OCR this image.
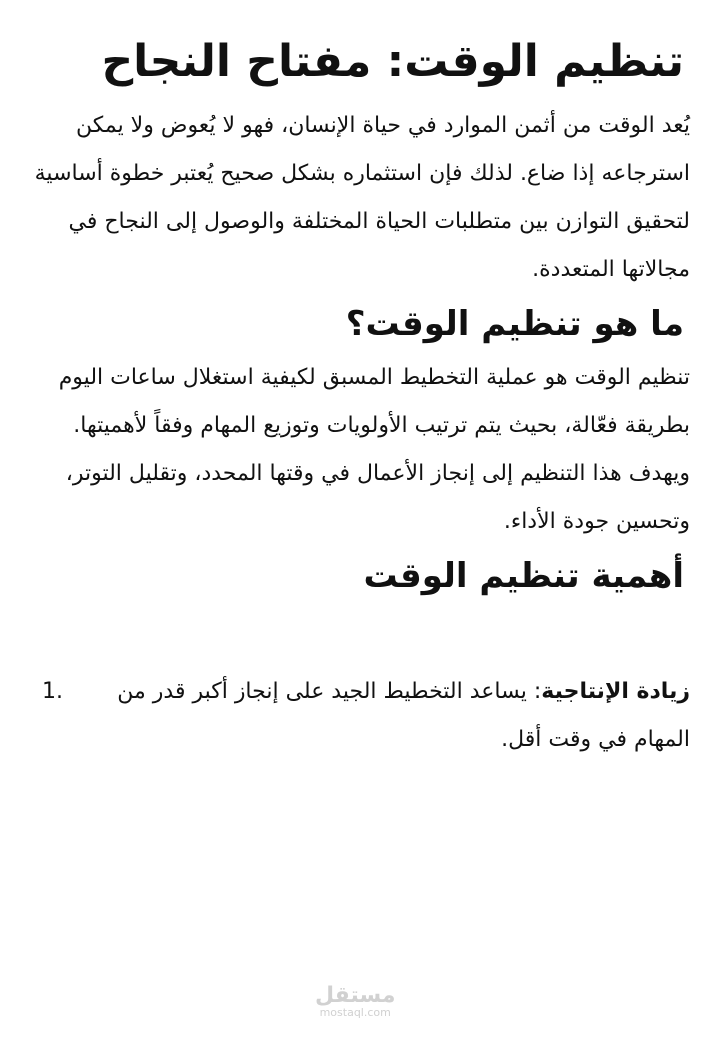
تنظيم الوقت: مفتاح النجاح

يُعد الوقت من أثمن الموارد في حياة الإنسان، فهو لا يُعوض ولا يمكن استرجاعه إذا ضاع. لذلك فإن استثماره بشكل صحيح يُعتبر خطوة أساسية لتحقيق التوازن بين متطلبات الحياة المختلفة والوصول إلى النجاح في مجالاتها المتعددة.

ما هو تنظيم الوقت؟

تنظيم الوقت هو عملية التخطيط المسبق لكيفية استغلال ساعات اليوم بطريقة فعّالة، بحيث يتم ترتيب الأولويات وتوزيع المهام وفقاً لأهميتها. ويهدف هذا التنظيم إلى إنجاز الأعمال في وقتها المحدد، وتقليل التوتر، وتحسين جودة الأداء.

أهمية تنظيم الوقت
زيادة الإنتاجية: يساعد التخطيط الجيد على إنجاز أكبر قدر من المهام في وقت أقل.
1.
مستقل
mostaql.com
